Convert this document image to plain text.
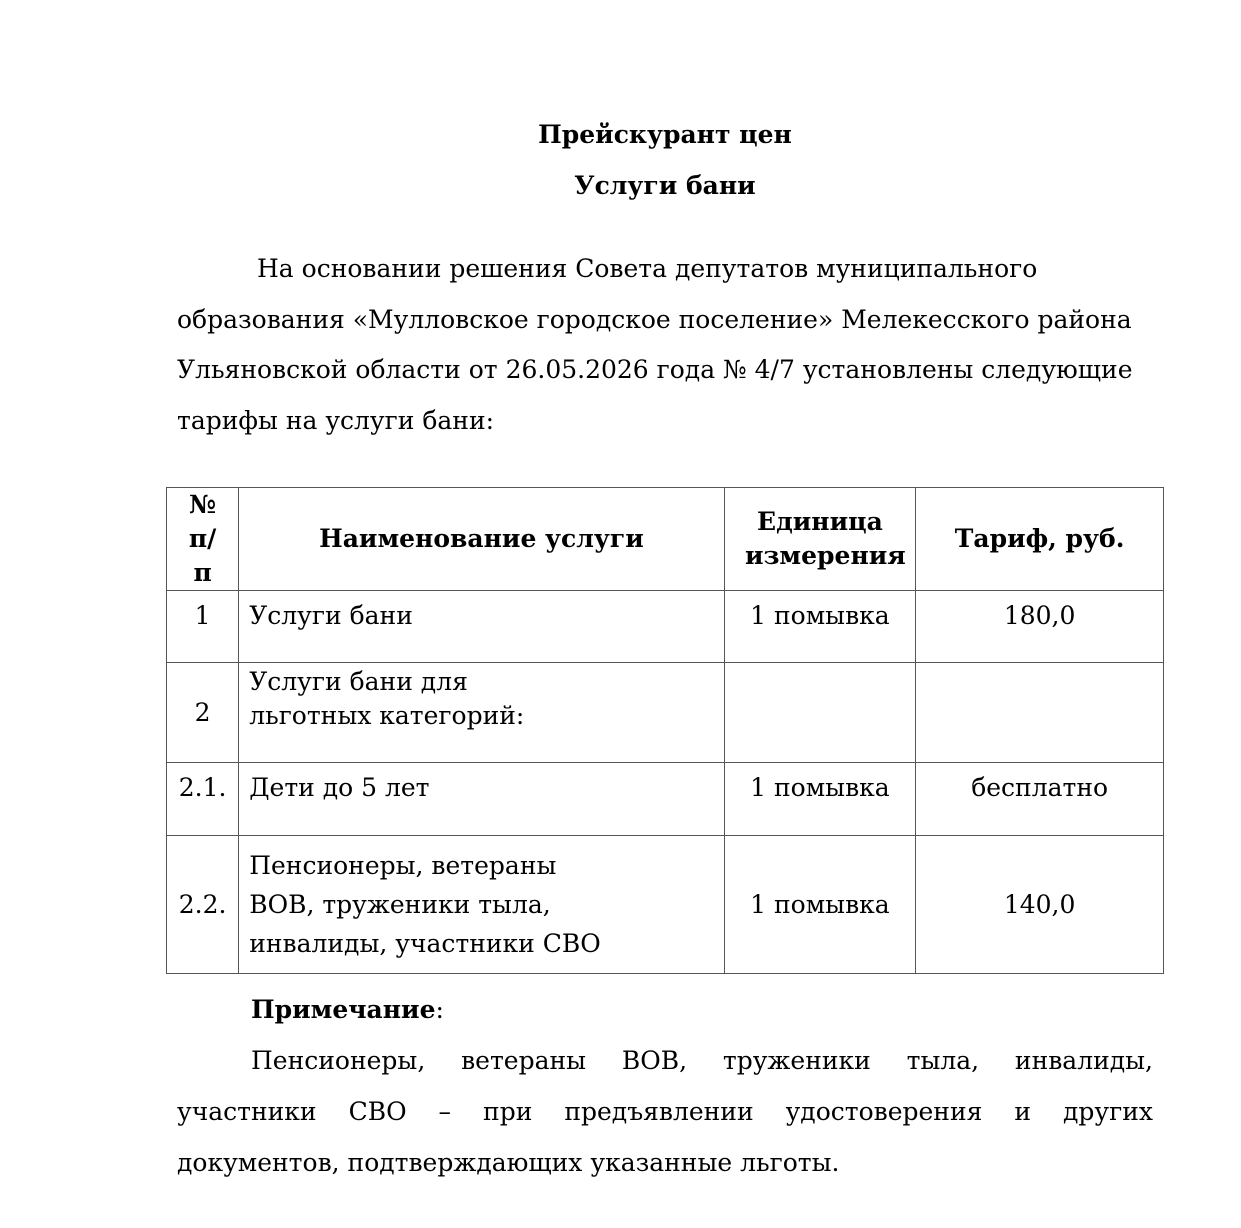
Прейскурант цен
Услуги бани

На основании решения Совета депутатов муниципального образования «Мулловское городское поселение» Мелекесского района Ульяновской области от 26.05.2026 года № 4/7 установлены следующие тарифы на услуги бани:

№ п/п	Наименование услуги	Единица измерения	Тариф, руб.
1	Услуги бани	1 помывка	180,0
2	Услуги бани для льготных категорий:		
2.1.	Дети до 5 лет	1 помывка	бесплатно
2.2.	Пенсионеры, ветераны ВОВ, труженики тыла, инвалиды, участники СВО	1 помывка	140,0
Примечание:

Пенсионеры, ветераны ВОВ, труженики тыла, инвалиды, участники СВО – при предъявлении удостоверения и других документов, подтверждающих указанные льготы.
